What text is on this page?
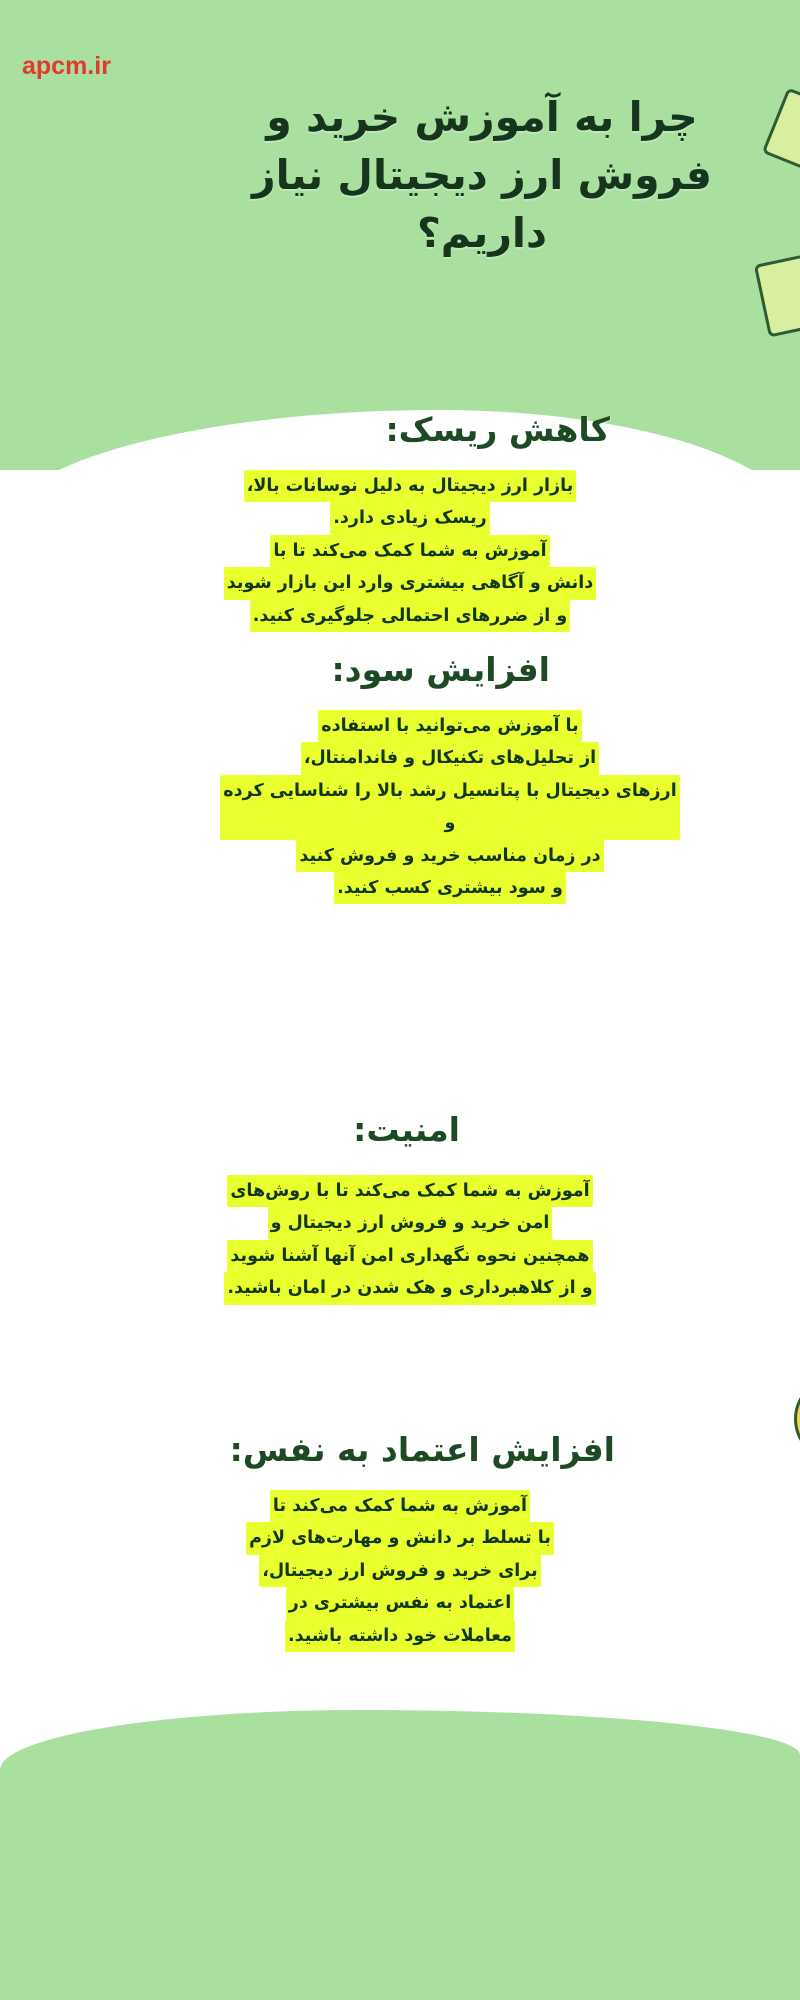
apcm.ir
چرا به آموزش خرید و فروش ارز دیجیتال نیاز داریم؟
کاهش ریسک:
بازار ارز دیجیتال به دلیل نوسانات بالا،
ریسک زیادی دارد.
آموزش به شما کمک می‌کند تا با
دانش و آگاهی بیشتری وارد این بازار شوید
و از ضررهای احتمالی جلوگیری کنید.
افزایش سود:
با آموزش می‌توانید با استفاده
از تحلیل‌های تکنیکال و فاندامنتال،
ارزهای دیجیتال با پتانسیل رشد بالا را شناسایی کرده و
در زمان مناسب خرید و فروش کنید
و سود بیشتری کسب کنید.
امنیت:
آموزش به شما کمک می‌کند تا با روش‌های
امن خرید و فروش ارز دیجیتال و
همچنین نحوه نگهداری امن آنها آشنا شوید
و از کلاهبرداری و هک شدن در امان باشید.
افزایش اعتماد به نفس:
آموزش به شما کمک می‌کند تا
با تسلط بر دانش و مهارت‌های لازم
برای خرید و فروش ارز دیجیتال،
اعتماد به نفس بیشتری در
معاملات خود داشته باشید.
